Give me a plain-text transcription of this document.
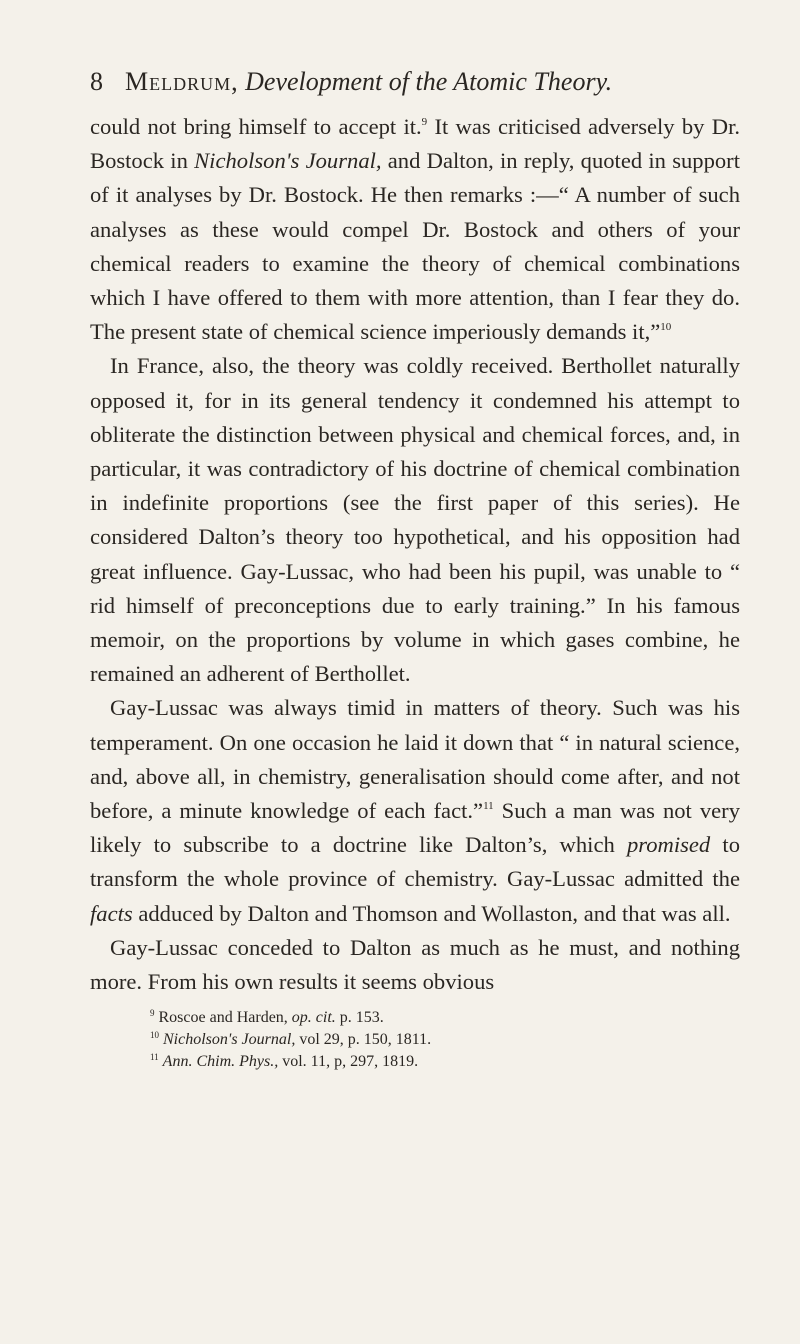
8 Meldrum,
Development of the Atomic Theory.

could not bring himself to accept it.$^9$ It was criticised adversely by Dr. Bostock in Nicholson's Journal, and Dalton, in reply, quoted in support of it analyses by Dr. Bostock. He then remarks :—“ A number of such analyses as these would compel Dr. Bostock and others of your chemical readers to examine the theory of chemical combinations which I have offered to them with more attention, than I fear they do. The present state of chemical science imperiously demands it,”$^{10}$

In France, also, the theory was coldly received. Berthollet naturally opposed it, for in its general tendency it condemned his attempt to obliterate the distinction between physical and chemical forces, and, in particular, it was contradictory of his doctrine of chemical combination in indefinite proportions (see the first paper of this series). He considered Dalton’s theory too hypothetical, and his opposition had great influence. Gay-Lussac, who had been his pupil, was unable to “ rid himself of preconceptions due to early training.” In his famous memoir, on the proportions by volume in which gases combine, he remained an adherent of Berthollet.

Gay-Lussac was always timid in matters of theory. Such was his temperament. On one occasion he laid it down that “ in natural science, and, above all, in chemistry, generalisation should come after, and not before, a minute knowledge of each fact.”$^{11}$ Such a man was not very likely to subscribe to a doctrine like Dalton’s, which promised to transform the whole province of chemistry. Gay-Lussac admitted the facts adduced by Dalton and Thomson and Wollaston, and that was all.

Gay-Lussac conceded to Dalton as much as he must, and nothing more. From his own results it seems obvious

$^9$ Roscoe and Harden, op. cit. p. 153.

$^{10}$ Nicholson's Journal, vol 29, p. 150, 1811.

$^{11}$ Ann. Chim. Phys., vol. 11, p, 297, 1819.
